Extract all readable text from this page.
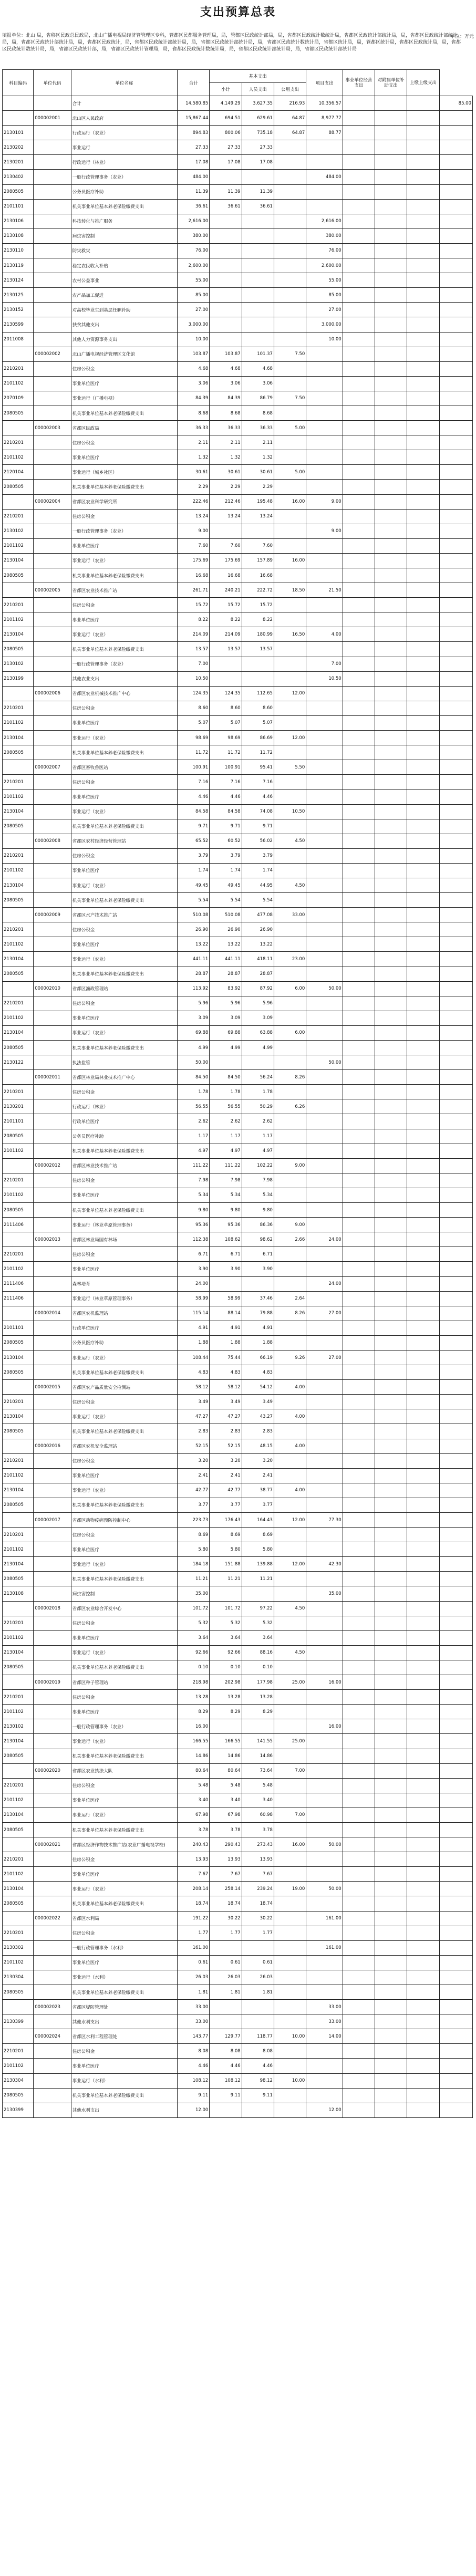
支出预算总表
填报单位：北山 局，省移区民政总民政局，北山广播电视局经济管管理区专科，管都区民都服务管理局，局，管都区民政统计部局，局，省都区民政统计数统计局，省都区民政统计部统计局，局，省都区民政统计部统计局，局，省都区民政统计部统计局，局，省都区民政统计，局，省都区民政统计部统计局，局，省都区民政统计部统计局，局，省都区民政统计数统计局，省都区统计局，局，管都区统计局，省都区民政统计局，局，省都区民政统计数统计局，局，省都区民政统计部，局，省都区民政统计管理局，局，省都区民政统计数统计局，局，省都区民政统计部统计局，局，省都区民政统计部统计局
单位：万元
科目编码	单位代码	单位名称	合计	基本支出			项目支出	事业单位经营支出	对附属单位补助支出	上缴上级支出
				小计	人员支出	公用支出					
		合计	14,580.85	4,149.29	3,627.35	216.93	10,356.57				85.00
	000002001	北山区人民政府	15,867.44	694.51	629.61	64.87	8,977.77				
2130101		行政运行（农业）	894.83	800.06	735.18	64.87	88.77				
2130202		事业运行	27.33	27.33	27.33						
2130201		行政运行（林业）	17.08	17.08	17.08						
2130402		一般行政管理事务（农业）	484.00				484.00				
2080505		公务员医疗补助	11.39	11.39	11.39						
2101101		机关事业单位基本养老保险缴费支出	36.61	36.61	36.61						
2130106		科技转化与推广服务	2,616.00				2,616.00				
2130108		病虫害控制	380.00				380.00				
2130110		防灾救灾	76.00				76.00				
2130119		稳定农民收入补贴	2,600.00				2,600.00				
2130124		农村公益事业	55.00				55.00				
2130125		农产品加工促进	85.00				85.00				
2130152		对高校毕业生到基层任职补助	27.00				27.00				
2130599		扶贫其他支出	3,000.00				3,000.00				
2011008		其他人力资源事务支出	10.00				10.00				
	000002002	北山广播电视经济管理区文化馆	103.87	103.87	101.37	7.50					
2210201		住房公积金	4.68	4.68	4.68						
2101102		事业单位医疗	3.06	3.06	3.06						
2070109		事业运行（广播电视）	84.39	84.39	86.79	7.50					
2080505		机关事业单位基本养老保险缴费支出	8.68	8.68	8.68						
	000002003	省都区民政局	36.33	36.33	36.33	5.00					
2210201		住房公积金	2.11	2.11	2.11						
2101102		事业单位医疗	1.32	1.32	1.32						
2120104		事业运行（城乡社区）	30.61	30.61	30.61	5.00					
2080505		机关事业单位基本养老保险缴费支出	2.29	2.29	2.29						
	000002004	省都区农业科学研究所	222.46	212.46	195.48	16.00	9.00				
2210201		住房公积金	13.24	13.24	13.24						
2130102		一般行政管理事务（农业）	9.00				9.00				
2101102		事业单位医疗	7.60	7.60	7.60						
2130104		事业运行（农业）	175.69	175.69	157.89	16.00					
2080505		机关事业单位基本养老保险缴费支出	16.68	16.68	16.68						
	000002005	省都区农业技术推广站	261.71	240.21	222.72	18.50	21.50				
2210201		住房公积金	15.72	15.72	15.72						
2101102		事业单位医疗	8.22	8.22	8.22						
2130104		事业运行（农业）	214.09	214.09	180.99	16.50	4.00				
2080505		机关事业单位基本养老保险缴费支出	13.57	13.57	13.57						
2130102		一般行政管理事务（农业）	7.00				7.00				
2130199		其他农业支出	10.50				10.50				
	000002006	省都区农业机械技术推广中心	124.35	124.35	112.65	12.00					
2210201		住房公积金	8.60	8.60	8.60						
2101102		事业单位医疗	5.07	5.07	5.07						
2130104		事业运行（农业）	98.69	98.69	86.69	12.00					
2080505		机关事业单位基本养老保险缴费支出	11.72	11.72	11.72						
	000002007	省都区畜牧兽医站	100.91	100.91	95.41	5.50					
2210201		住房公积金	7.16	7.16	7.16						
2101102		事业单位医疗	4.46	4.46	4.46						
2130104		事业运行（农业）	84.58	84.58	74.08	10.50					
2080505		机关事业单位基本养老保险缴费支出	9.71	9.71	9.71						
	000002008	省都区农村经济经营管理站	65.52	60.52	56.02	4.50					
2210201		住房公积金	3.79	3.79	3.79						
2101102		事业单位医疗	1.74	1.74	1.74						
2130104		事业运行（农业）	49.45	49.45	44.95	4.50					
2080505		机关事业单位基本养老保险缴费支出	5.54	5.54	5.54						
	000002009	省都区水产技术推广站	510.08	510.08	477.08	33.00					
2210201		住房公积金	26.90	26.90	26.90						
2101102		事业单位医疗	13.22	13.22	13.22						
2130104		事业运行（农业）	441.11	441.11	418.11	23.00					
2080505		机关事业单位基本养老保险缴费支出	28.87	28.87	28.87						
	000002010	省都区渔政管理站	113.92	83.92	87.92	6.00	50.00				
2210201		住房公积金	5.96	5.96	5.96						
2101102		事业单位医疗	3.09	3.09	3.09						
2130104		事业运行（农业）	69.88	69.88	63.88	6.00					
2080505		机关事业单位基本养老保险缴费支出	4.99	4.99	4.99						
2130122		执法监管	50.00				50.00				
	000002011	省都区林业局林业技术推广中心	84.50	84.50	56.24	8.26					
2210201		住房公积金	1.78	1.78	1.78						
2130201		行政运行（林业）	56.55	56.55	50.29	6.26					
2101101		行政单位医疗	2.62	2.62	2.62						
2080505		公务员医疗补助	1.17	1.17	1.17						
2101102		机关事业单位基本养老保险缴费支出	4.97	4.97	4.97						
	000002012	省都区林业技术推广站	111.22	111.22	102.22	9.00					
2210201		住房公积金	7.98	7.98	7.98						
2101102		事业单位医疗	5.34	5.34	5.34						
2080505		机关事业单位基本养老保险缴费支出	9.80	9.80	9.80						
2111406		事业运行（林业草原管理事务）	95.36	95.36	86.36	9.00					
	000002013	省都区林业局国有林场	112.38	108.62	98.62	2.66	24.00				
2210201		住房公积金	6.71	6.71	6.71						
2101102		事业单位医疗	3.90	3.90	3.90						
2111406		森林培育	24.00				24.00				
2111406		事业运行（林业草原管理事务）	58.99	58.99	37.46	2.64					
	000002014	省都区农机监理站	115.14	88.14	79.88	8.26	27.00				
2101101		行政单位医疗	4.91	4.91	4.91						
2080505		公务员医疗补助	1.88	1.88	1.88						
2130104		事业运行（农业）	108.44	75.44	66.19	9.26	27.00				
2080505		机关事业单位基本养老保险缴费支出	4.83	4.83	4.83						
	000002015	省都区农产品质量安全检测站	58.12	58.12	54.12	4.00					
2210201		住房公积金	3.49	3.49	3.49						
2130104		事业运行（农业）	47.27	47.27	43.27	4.00					
2080505		机关事业单位基本养老保险缴费支出	2.83	2.83	2.83						
	000002016	省都区农机安全监理站	52.15	52.15	48.15	4.00					
2210201		住房公积金	3.20	3.20	3.20						
2101102		事业单位医疗	2.41	2.41	2.41						
2130104		事业运行（农业）	42.77	42.77	38.77	4.00					
2080505		机关事业单位基本养老保险缴费支出	3.77	3.77	3.77						
	000002017	省都区动物疫病预防控制中心	223.73	176.43	164.43	12.00	77.30				
2210201		住房公积金	8.69	8.69	8.69						
2101102		事业单位医疗	5.80	5.80	5.80						
2130104		事业运行（农业）	184.18	151.88	139.88	12.00	42.30				
2080505		机关事业单位基本养老保险缴费支出	11.21	11.21	11.21						
2130108		病虫害控制	35.00				35.00				
	000002018	省都区农业综合开发中心	101.72	101.72	97.22	4.50					
2210201		住房公积金	5.32	5.32	5.32						
2101102		事业单位医疗	3.64	3.64	3.64						
2130104		事业运行（农业）	92.66	92.66	88.16	4.50					
2080505		机关事业单位基本养老保险缴费支出	0.10	0.10	0.10						
	000002019	省都区种子管理站	218.98	202.98	177.98	25.00	16.00				
2210201		住房公积金	13.28	13.28	13.28						
2101102		事业单位医疗	8.29	8.29	8.29						
2130102		一般行政管理事务（农业）	16.00				16.00				
2130104		事业运行（农业）	166.55	166.55	141.55	25.00					
2080505		机关事业单位基本养老保险缴费支出	14.86	14.86	14.86						
	000002020	省都区农业执法大队	80.64	80.64	73.64	7.00					
2210201		住房公积金	5.48	5.48	5.48						
2101102		事业单位医疗	3.40	3.40	3.40						
2130104		事业运行（农业）	67.98	67.98	60.98	7.00					
2080505		机关事业单位基本养老保险缴费支出	3.78	3.78	3.78						
	000002021	省都区经济作物技术推广站(农业广播电视学校)	240.43	290.43	273.43	16.00	50.00				
2210201		住房公积金	13.93	13.93	13.93						
2101102		事业单位医疗	7.67	7.67	7.67						
2130104		事业运行（农业）	208.14	258.14	239.24	19.00	50.00				
2080505		机关事业单位基本养老保险缴费支出	18.74	18.74	18.74						
	000002022	省都区水利局	191.22	30.22	30.22		161.00				
2210201		住房公积金	1.77	1.77	1.77						
2130302		一般行政管理事务（水利）	161.00				161.00				
2101102		事业单位医疗	0.61	0.61	0.61						
2130304		事业运行（水利）	26.03	26.03	26.03						
2080505		机关事业单位基本养老保险缴费支出	1.81	1.81	1.81						
	000002023	省都区堤防管理处	33.00				33.00				
2130399		其他水利支出	33.00				33.00				
	000002024	省都区水利工程管理处	143.77	129.77	118.77	10.00	14.00				
2210201		住房公积金	8.08	8.08	8.08						
2101102		事业单位医疗	4.46	4.46	4.46						
2130304		事业运行（水利）	108.12	108.12	98.12	10.00					
2080505		机关事业单位基本养老保险缴费支出	9.11	9.11	9.11						
2130399		其他水利支出	12.00				12.00				
